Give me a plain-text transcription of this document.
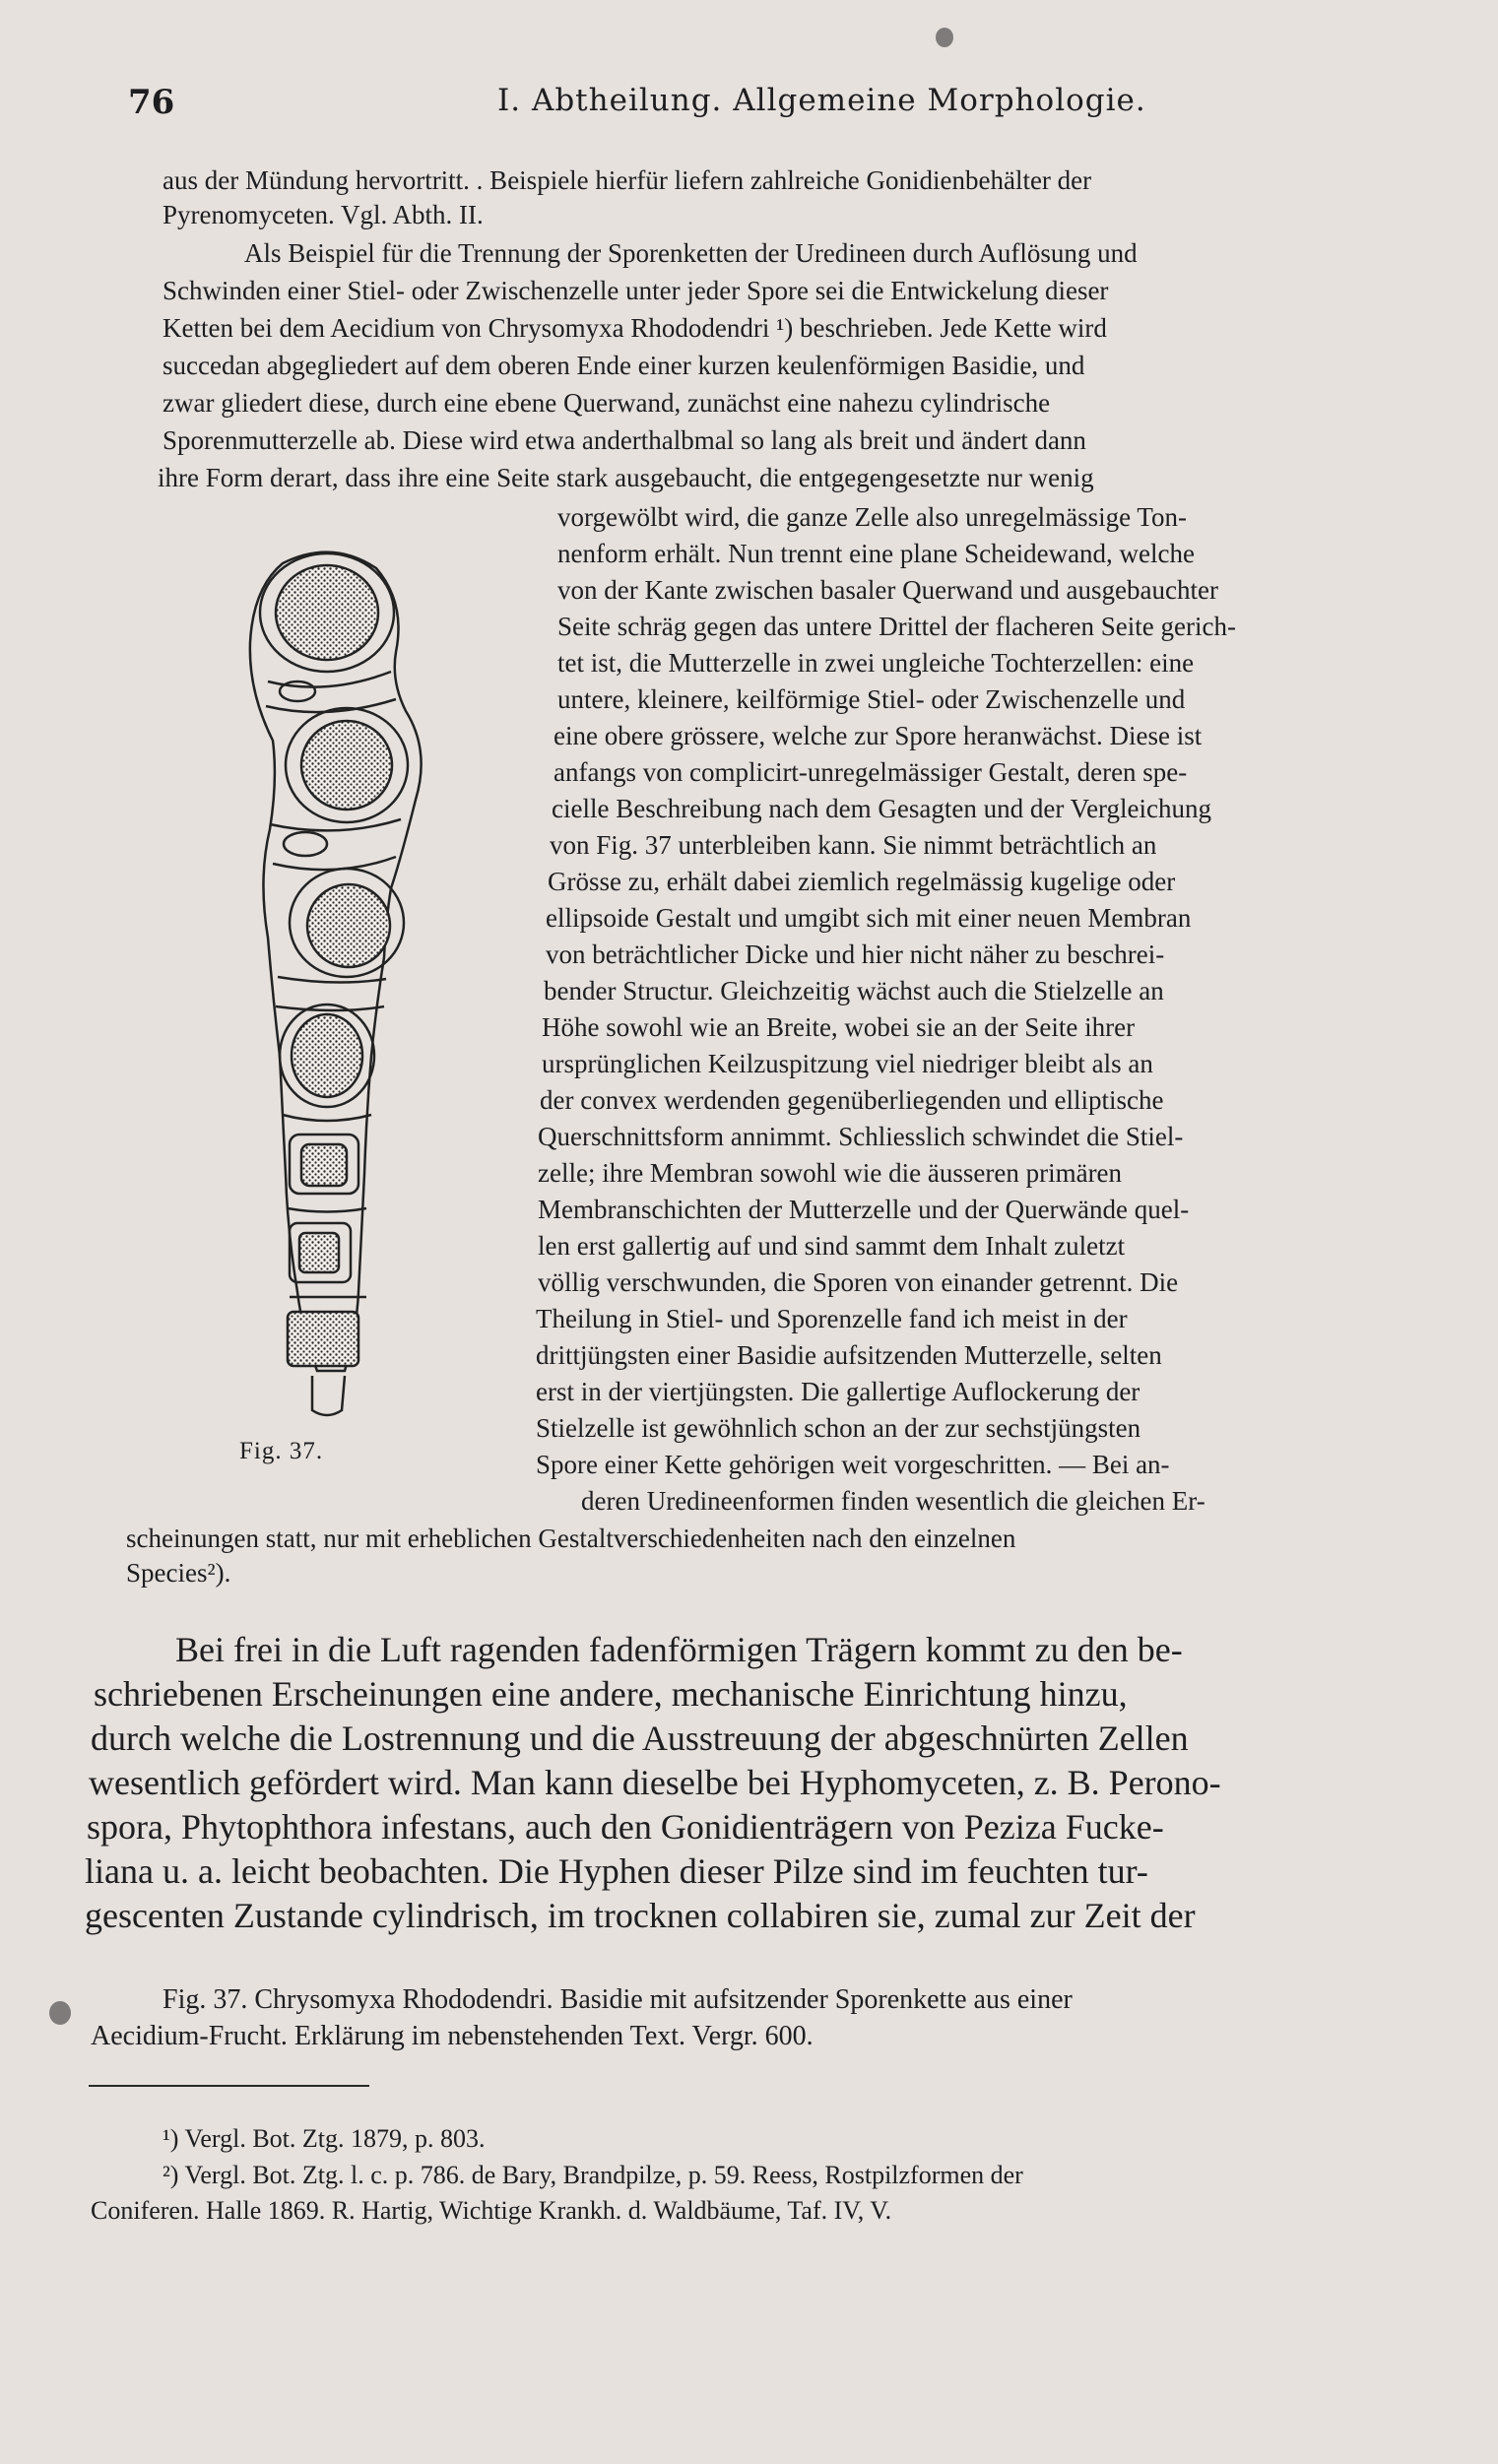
76	I. Abtheilung. Allgemeine Morphologie.
aus der Mündung hervortritt. . Beispiele hierfür liefern zahlreiche Gonidienbehälter der
Pyrenomyceten. Vgl. Abth. II.
Als Beispiel für die Trennung der Sporenketten der Uredineen durch Auflösung und
Schwinden einer Stiel- oder Zwischenzelle unter jeder Spore sei die Entwickelung dieser
Ketten bei dem Aecidium von Chrysomyxa Rhododendri ¹) beschrieben. Jede Kette wird
succedan abgegliedert auf dem oberen Ende einer kurzen keulenförmigen Basidie, und
zwar gliedert diese, durch eine ebene Querwand, zunächst eine nahezu cylindrische
Sporenmutterzelle ab. Diese wird etwa anderthalbmal so lang als breit und ändert dann
ihre Form derart, dass ihre eine Seite stark ausgebaucht, die entgegengesetzte nur wenig
vorgewölbt wird, die ganze Zelle also unregelmässige Ton-
nenform erhält. Nun trennt eine plane Scheidewand, welche
von der Kante zwischen basaler Querwand und ausgebauchter
Seite schräg gegen das untere Drittel der flacheren Seite gerich-
tet ist, die Mutterzelle in zwei ungleiche Tochterzellen: eine
untere, kleinere, keilförmige Stiel- oder Zwischenzelle und
eine obere grössere, welche zur Spore heranwächst. Diese ist
anfangs von complicirt-unregelmässiger Gestalt, deren spe-
cielle Beschreibung nach dem Gesagten und der Vergleichung
von Fig. 37 unterbleiben kann. Sie nimmt beträchtlich an
Grösse zu, erhält dabei ziemlich regelmässig kugelige oder
ellipsoide Gestalt und umgibt sich mit einer neuen Membran
von beträchtlicher Dicke und hier nicht näher zu beschrei-
bender Structur. Gleichzeitig wächst auch die Stielzelle an
Höhe sowohl wie an Breite, wobei sie an der Seite ihrer
ursprünglichen Keilzuspitzung viel niedriger bleibt als an
der convex werdenden gegenüberliegenden und elliptische
Querschnittsform annimmt. Schliesslich schwindet die Stiel-
zelle; ihre Membran sowohl wie die äusseren primären
Membranschichten der Mutterzelle und der Querwände quel-
len erst gallertig auf und sind sammt dem Inhalt zuletzt
völlig verschwunden, die Sporen von einander getrennt. Die
Theilung in Stiel- und Sporenzelle fand ich meist in der
drittjüngsten einer Basidie aufsitzenden Mutterzelle, selten
erst in der viertjüngsten. Die gallertige Auflockerung der
Stielzelle ist gewöhnlich schon an der zur sechstjüngsten
Spore einer Kette gehörigen weit vorgeschritten. — Bei an-
deren Uredineenformen finden wesentlich die gleichen Er-
scheinungen statt, nur mit erheblichen Gestaltverschiedenheiten nach den einzelnen
Species²).
Bei frei in die Luft ragenden fadenförmigen Trägern kommt zu den be-
schriebenen Erscheinungen eine andere, mechanische Einrichtung hinzu,
durch welche die Lostrennung und die Ausstreuung der abgeschnürten Zellen
wesentlich gefördert wird. Man kann dieselbe bei Hyphomyceten, z. B. Perono-
spora, Phytophthora infestans, auch den Gonidienträgern von Peziza Fucke-
liana u. a. leicht beobachten. Die Hyphen dieser Pilze sind im feuchten tur-
gescenten Zustande cylindrisch, im trocknen collabiren sie, zumal zur Zeit der
Fig. 37.
Fig. 37. Chrysomyxa Rhododendri. Basidie mit aufsitzender Sporenkette aus einer
Aecidium-Frucht. Erklärung im nebenstehenden Text. Vergr. 600.
¹) Vergl. Bot. Ztg. 1879, p. 803.
²) Vergl. Bot. Ztg. l. c. p. 786. de Bary, Brandpilze, p. 59. Reess, Rostpilzformen der
Coniferen. Halle 1869. R. Hartig, Wichtige Krankh. d. Waldbäume, Taf. IV, V.
